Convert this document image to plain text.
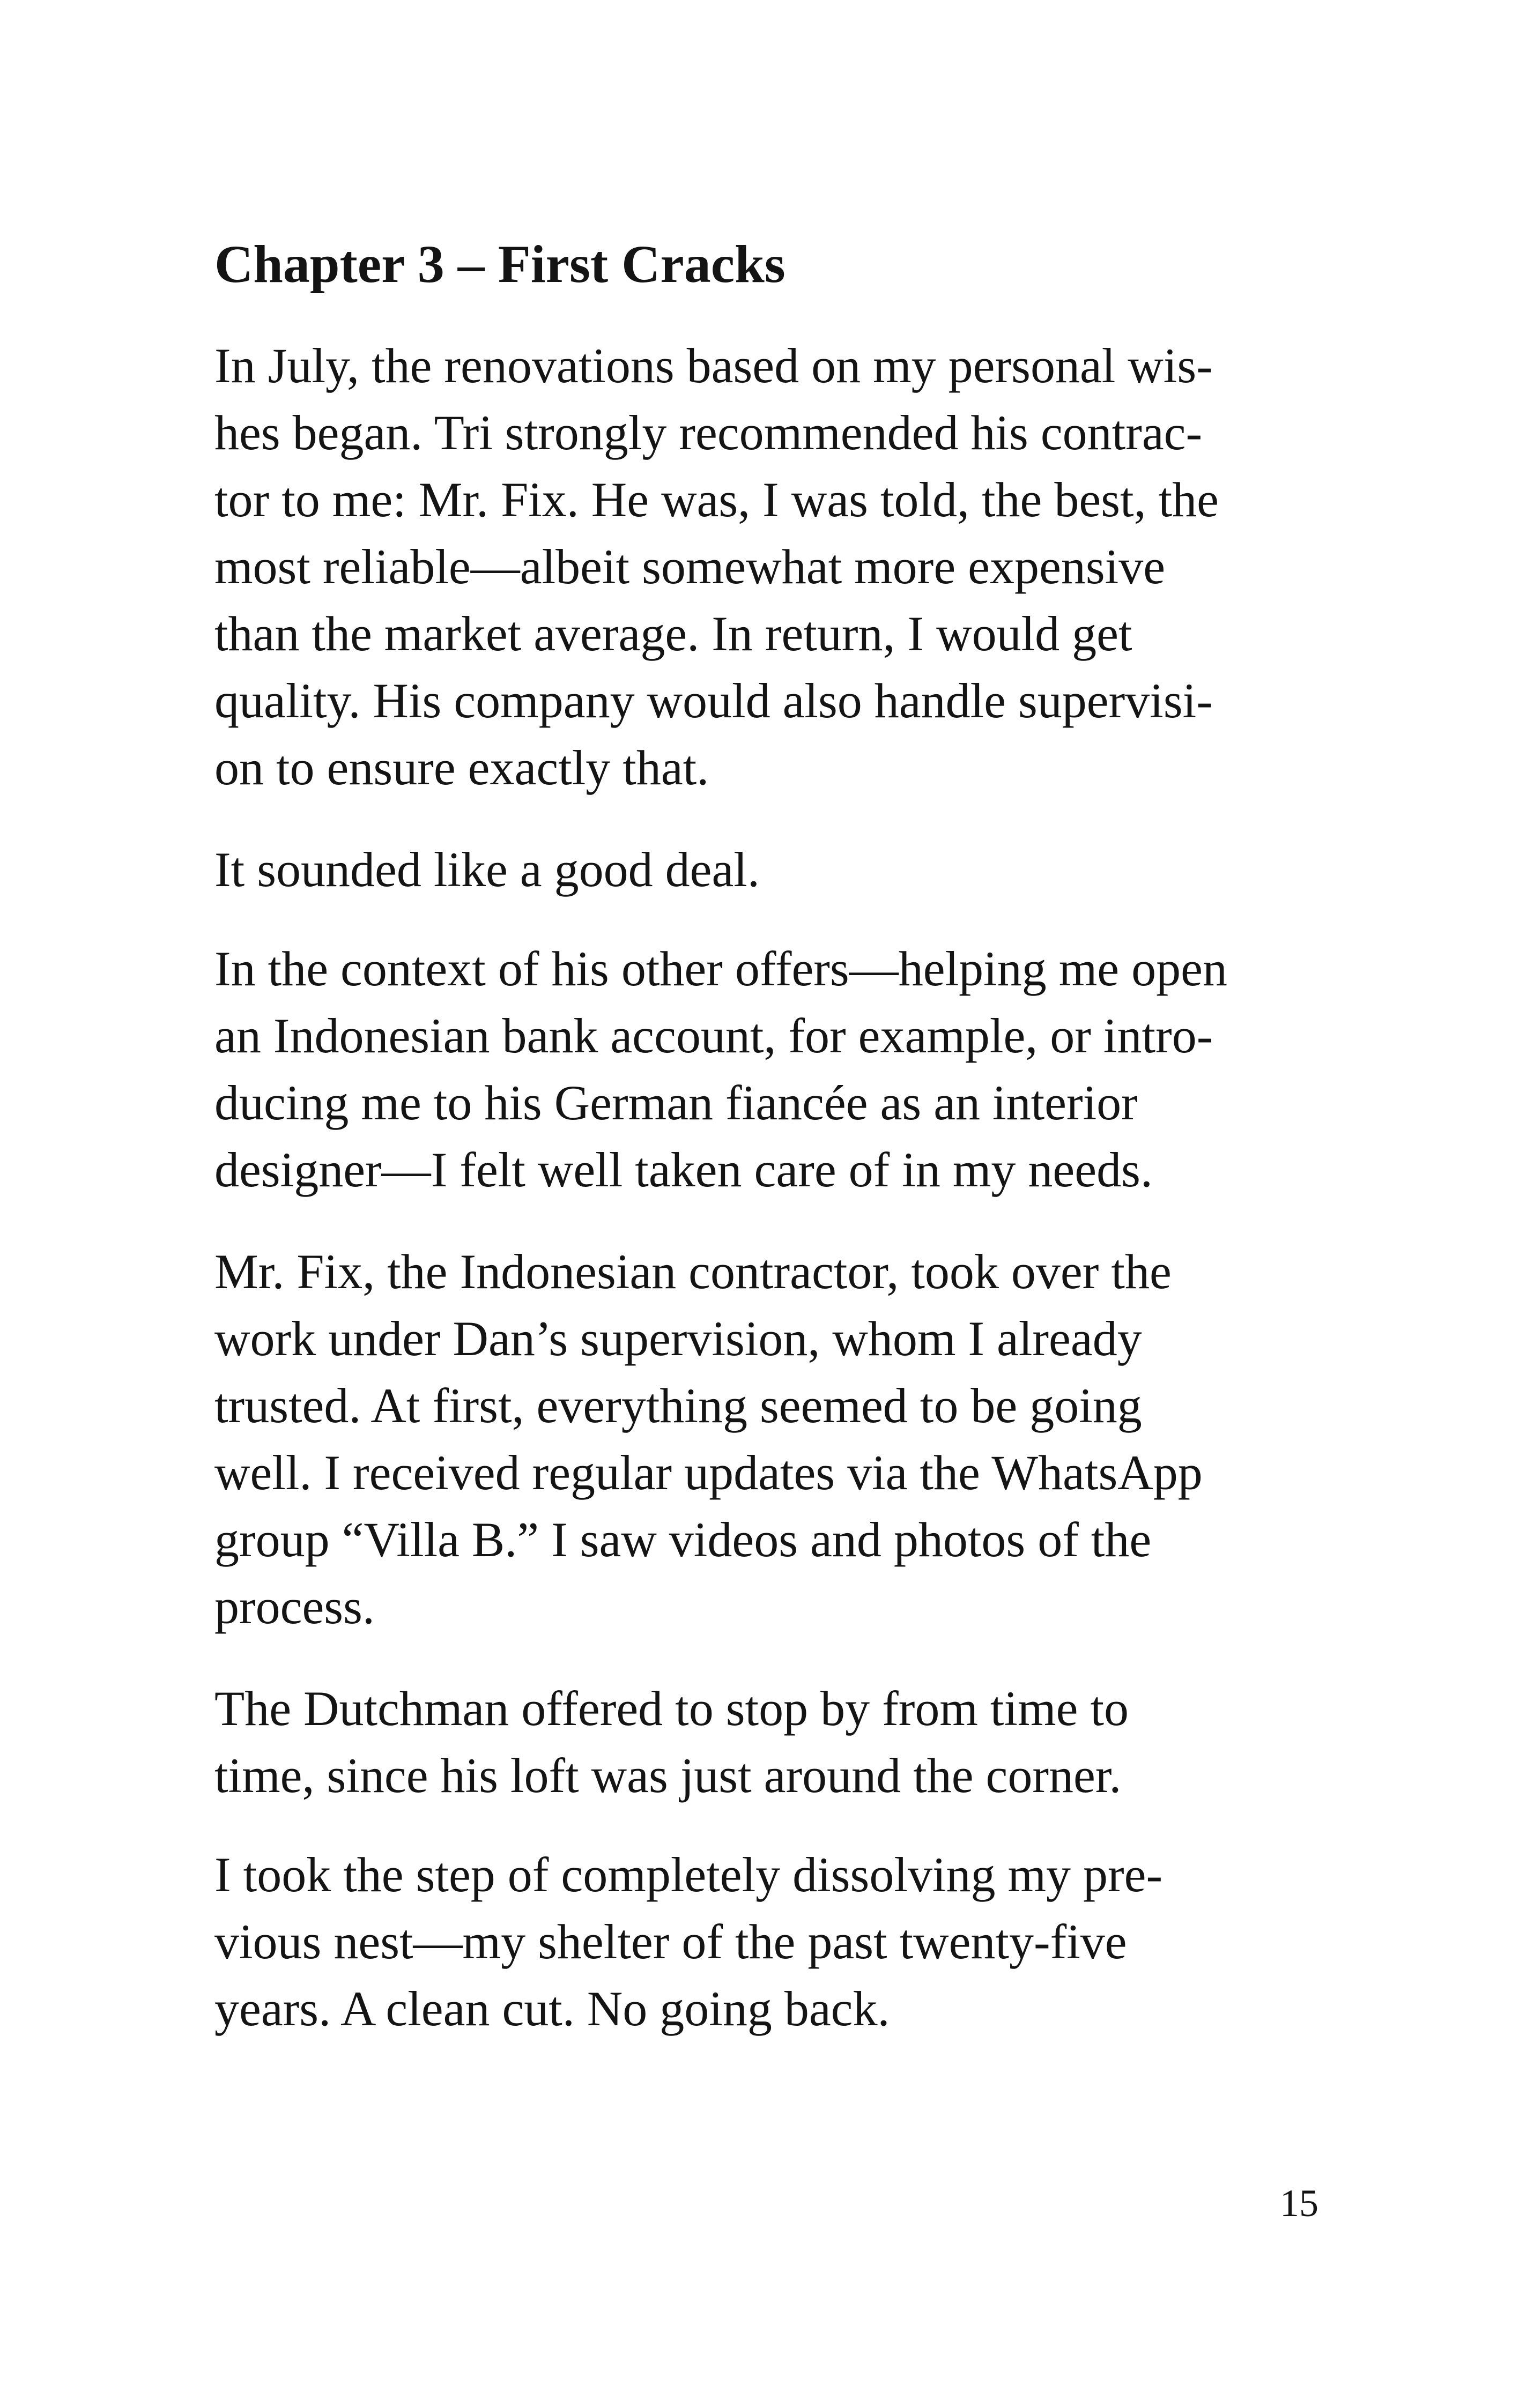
Chapter 3 – First Cracks

In July, the renovations based on my personal wis-
hes began. Tri strongly recommended his contrac-
tor to me: Mr. Fix. He was, I was told, the best, the
most reliable—albeit somewhat more expensive
than the market average. In return, I would get
quality. His company would also handle supervisi-
on to ensure exactly that.

It sounded like a good deal.

In the context of his other offers—helping me open
an Indonesian bank account, for example, or intro-
ducing me to his German fiancée as an interior
designer—I felt well taken care of in my needs.

Mr. Fix, the Indonesian contractor, took over the
work under Dan’s supervision, whom I already
trusted. At first, everything seemed to be going
well. I received regular updates via the WhatsApp
group “Villa B.” I saw videos and photos of the
process.

The Dutchman offered to stop by from time to
time, since his loft was just around the corner.

I took the step of completely dissolving my pre-
vious nest—my shelter of the past twenty-five
years. A clean cut. No going back.

15
